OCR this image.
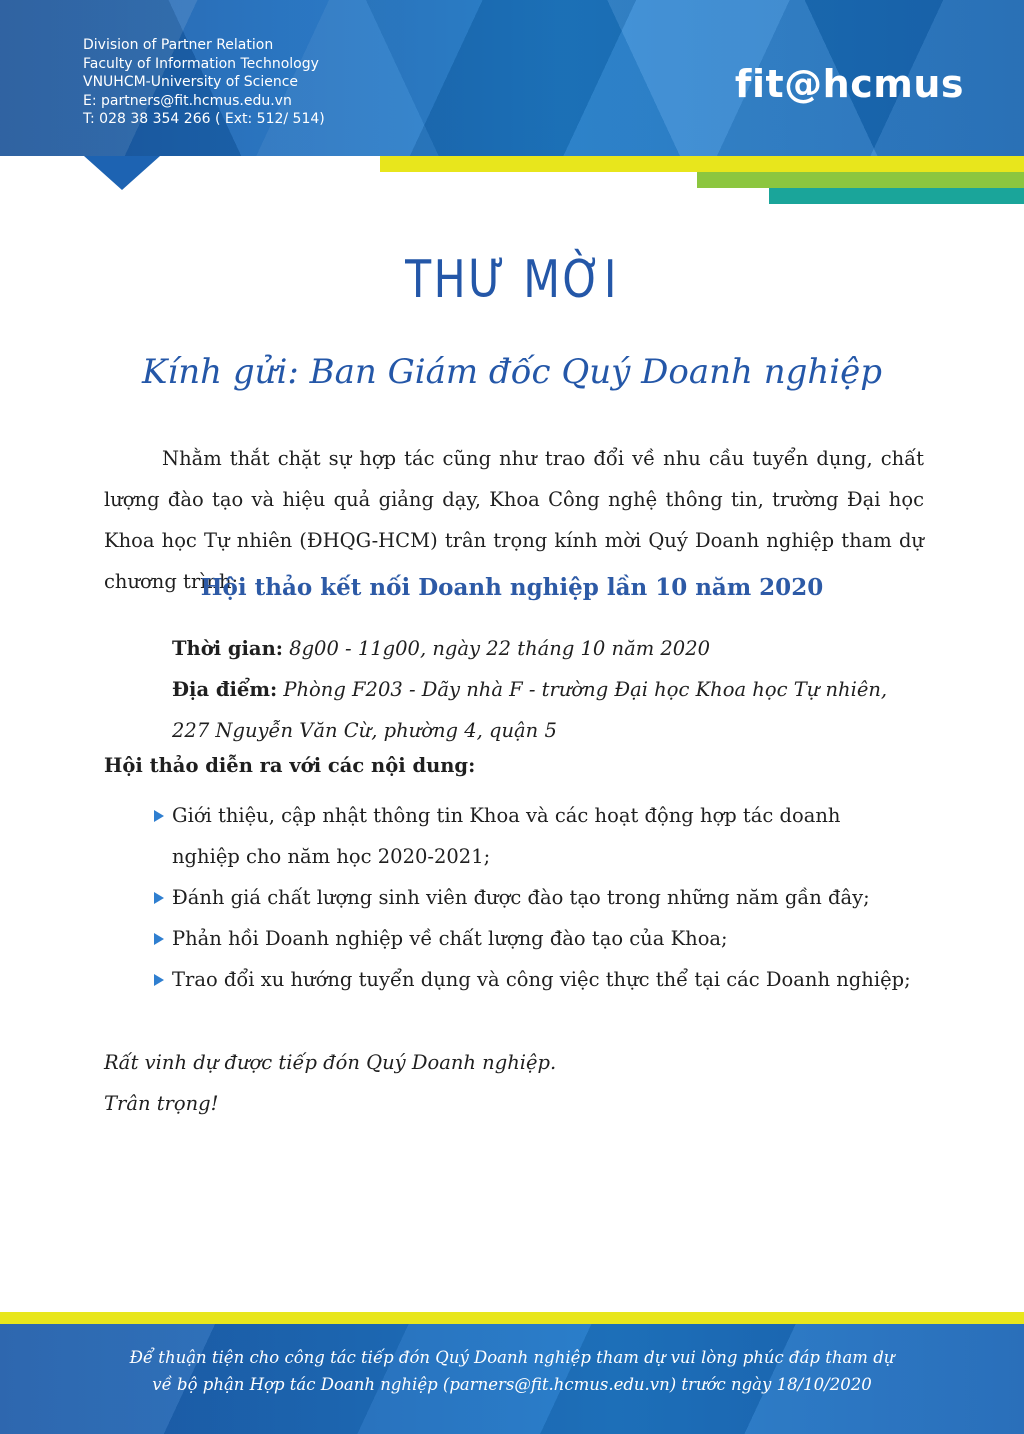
Division of Partner Relation
Faculty of Information Technology
VNUHCM-University of Science
E: partners@fit.hcmus.edu.vn
T: 028 38 354 266 ( Ext: 512/ 514)
fit@hcmus
THƯ MỜI
Kính gửi: Ban Giám đốc Quý Doanh nghiệp

Nhằm thắt chặt sự hợp tác cũng như trao đổi về nhu cầu tuyển dụng, chất lượng đào tạo và hiệu quả giảng dạy, Khoa Công nghệ thông tin, trường Đại học Khoa học Tự nhiên (ĐHQG-HCM) trân trọng kính mời Quý Doanh nghiệp tham dự chương trình:

Hội thảo kết nối Doanh nghiệp lần 10 năm 2020
Thời gian: 8g00 - 11g00, ngày 22 tháng 10 năm 2020
Địa điểm: Phòng F203 - Dãy nhà F - trường Đại học Khoa học Tự nhiên, 227 Nguyễn Văn Cừ, phường 4, quận 5
Hội thảo diễn ra với các nội dung:
Giới thiệu, cập nhật thông tin Khoa và các hoạt động hợp tác doanh nghiệp cho năm học 2020-2021;
Đánh giá chất lượng sinh viên được đào tạo trong những năm gần đây;
Phản hồi Doanh nghiệp về chất lượng đào tạo của Khoa;
Trao đổi xu hướng tuyển dụng và công việc thực thể tại các Doanh nghiệp;
Rất vinh dự được tiếp đón Quý Doanh nghiệp.
Trân trọng!
Để thuận tiện cho công tác tiếp đón Quý Doanh nghiệp tham dự vui lòng phúc đáp tham dự
về bộ phận Hợp tác Doanh nghiệp (parners@fit.hcmus.edu.vn) trước ngày 18/10/2020
